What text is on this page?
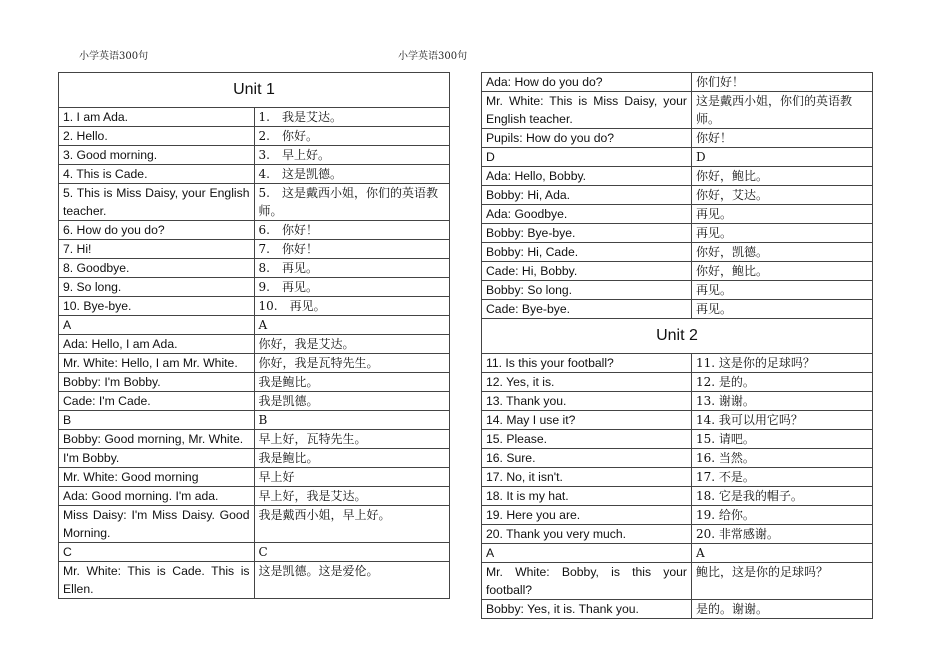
小学英语300句	小学英语300句
Unit 1	
1. I am Ada.	1.　我是艾达。
2. Hello.	2.　你好。
3. Good morning.	3.　早上好。
4. This is Cade.	4.　这是凯德。
5. This is Miss Daisy, your English teacher.	5.　这是戴西小姐，你们的英语教师。
6. How do you do?	6.　你好！
7. Hi!	7.　你好！
8. Goodbye.	8.　再见。
9. So long.	9.　再见。
10. Bye-bye.	10.　再见。
A	A
Ada: Hello, I am Ada.	你好，我是艾达。
Mr. White: Hello, I am Mr. White.	你好，我是瓦特先生。
Bobby: I'm Bobby.	我是鲍比。
Cade: I'm Cade.	我是凯德。
B	B
Bobby: Good morning, Mr. White.	早上好，瓦特先生。
I'm Bobby.	我是鲍比。
Mr. White: Good morning	早上好
Ada: Good morning. I'm ada.	早上好，我是艾达。
Miss Daisy: I'm Miss Daisy. Good Morning.	我是戴西小姐，早上好。
C	C
Mr. White: This is Cade. This is Ellen.	这是凯德。这是爱伦。
Ada: How do you do?	你们好！
Mr. White: This is Miss Daisy, your English teacher.	这是戴西小姐，你们的英语教师。
Pupils: How do you do?	你好！
D	D
Ada: Hello, Bobby.	你好，鲍比。
Bobby: Hi, Ada.	你好，艾达。
Ada: Goodbye.	再见。
Bobby: Bye-bye.	再见。
Bobby: Hi, Cade.	你好，凯德。
Cade: Hi, Bobby.	你好，鲍比。
Bobby: So long.	再见。
Cade: Bye-bye.	再见。
Unit 2	
11. Is this your football?	11. 这是你的足球吗？
12. Yes, it is.	12. 是的。
13. Thank you.	13. 谢谢。
14. May I use it?	14. 我可以用它吗？
15. Please.	15. 请吧。
16. Sure.	16. 当然。
17. No, it isn't.	17. 不是。
18. It is my hat.	18. 它是我的帽子。
19. Here you are.	19. 给你。
20. Thank you very much.	20. 非常感谢。
A	A
Mr. White: Bobby, is this your football?	鲍比，这是你的足球吗？
Bobby: Yes, it is. Thank you.	是的。谢谢。
